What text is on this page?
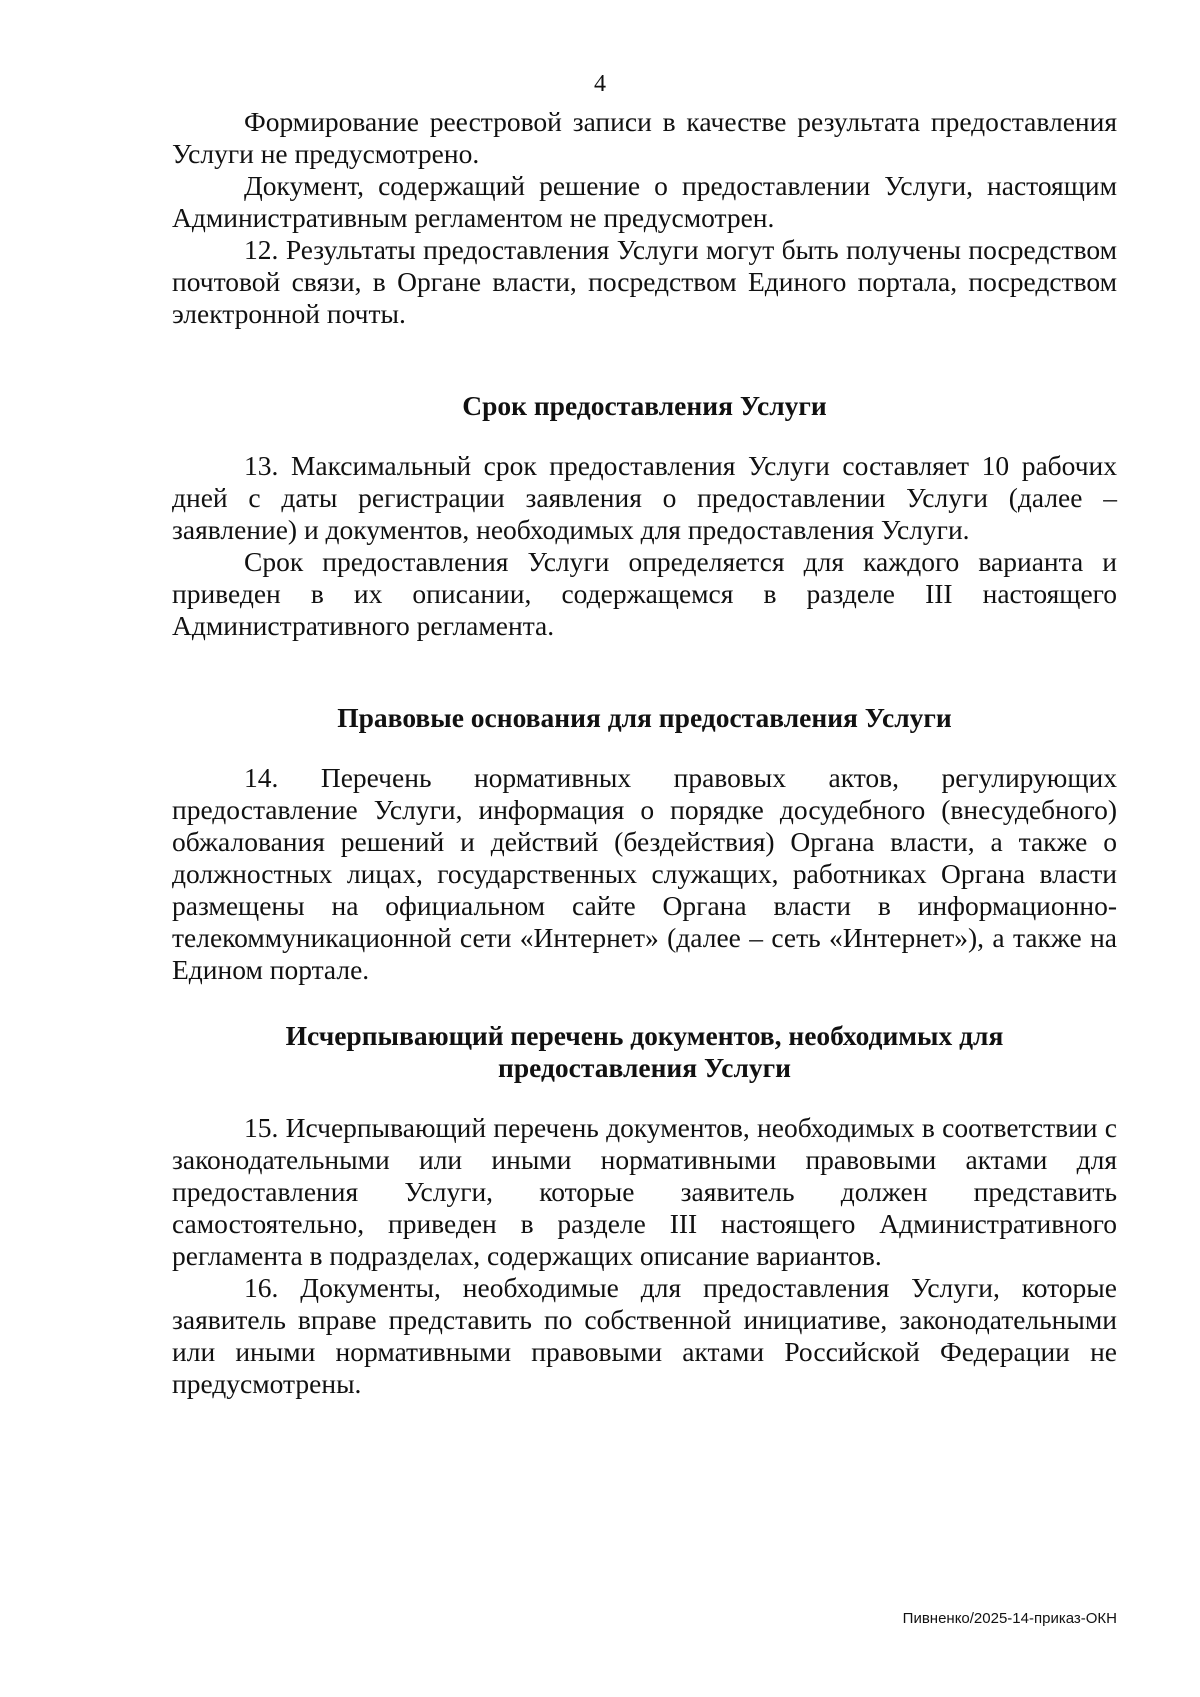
4

Формирование реестровой записи в качестве результата предоставления Услуги не предусмотрено.

Документ, содержащий решение о предоставлении Услуги, настоящим Административным регламентом не предусмотрен.

12. Результаты предоставления Услуги могут быть получены посредством почтовой связи, в Органе власти, посредством Единого портала, посредством электронной почты.

Срок предоставления Услуги

13. Максимальный срок предоставления Услуги составляет 10 рабочих дней с даты регистрации заявления о предоставлении Услуги (далее – заявление) и документов, необходимых для предоставления Услуги.

Срок предоставления Услуги определяется для каждого варианта и приведен в их описании, содержащемся в разделе III настоящего Административного регламента.

Правовые основания для предоставления Услуги

14. Перечень нормативных правовых актов, регулирующих предоставление Услуги, информация о порядке досудебного (внесудебного) обжалования решений и действий (бездействия) Органа власти, а также о должностных лицах, государственных служащих, работниках Органа власти размещены на официальном сайте Органа власти в информационно-телекоммуникационной сети «Интернет» (далее – сеть «Интернет»), а также на Едином портале.

Исчерпывающий перечень документов, необходимых для
предоставления Услуги

15. Исчерпывающий перечень документов, необходимых в соответствии с законодательными или иными нормативными правовыми актами для предоставления Услуги, которые заявитель должен представить самостоятельно, приведен в разделе III настоящего Административного регламента в подразделах, содержащих описание вариантов.

16. Документы, необходимые для предоставления Услуги, которые заявитель вправе представить по собственной инициативе, законодательными или иными нормативными правовыми актами Российской Федерации не предусмотрены.

Пивненко/2025-14-приказ-ОКН
